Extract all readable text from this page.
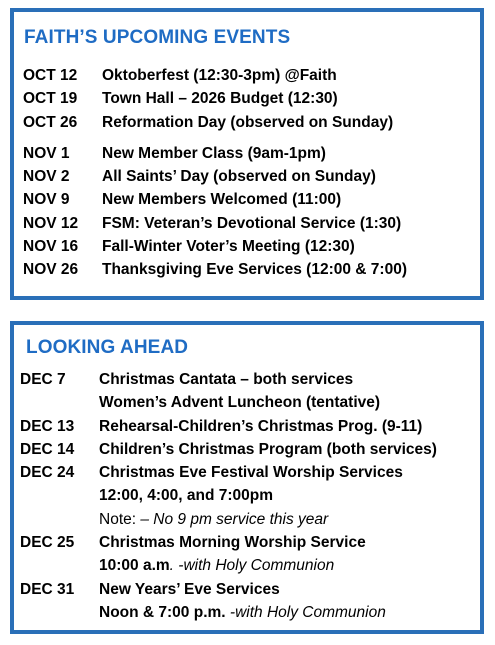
FAITH’S UPCOMING EVENTS
OCT 12 Oktoberfest (12:30-3pm) @Faith
OCT 19 Town Hall – 2026 Budget (12:30)
OCT 26 Reformation Day (observed on Sunday)
NOV 1 New Member Class (9am-1pm)
NOV 2 All Saints’ Day (observed on Sunday)
NOV 9 New Members Welcomed (11:00)
NOV 12 FSM: Veteran’s Devotional Service (1:30)
NOV 16 Fall-Winter Voter’s Meeting (12:30)
NOV 26 Thanksgiving Eve Services (12:00 & 7:00)
LOOKING AHEAD
DEC 7 Christmas Cantata – both services
Women’s Advent Luncheon (tentative)
DEC 13 Rehearsal-Children’s Christmas Prog. (9-11)
DEC 14 Children’s Christmas Program (both services)
DEC 24 Christmas Eve Festival Worship Services
12:00, 4:00, and 7:00pm
Note: – No 9 pm service this year
DEC 25 Christmas Morning Worship Service
10:00 a.m. -with Holy Communion
DEC 31 New Years’ Eve Services
Noon & 7:00 p.m. -with Holy Communion
